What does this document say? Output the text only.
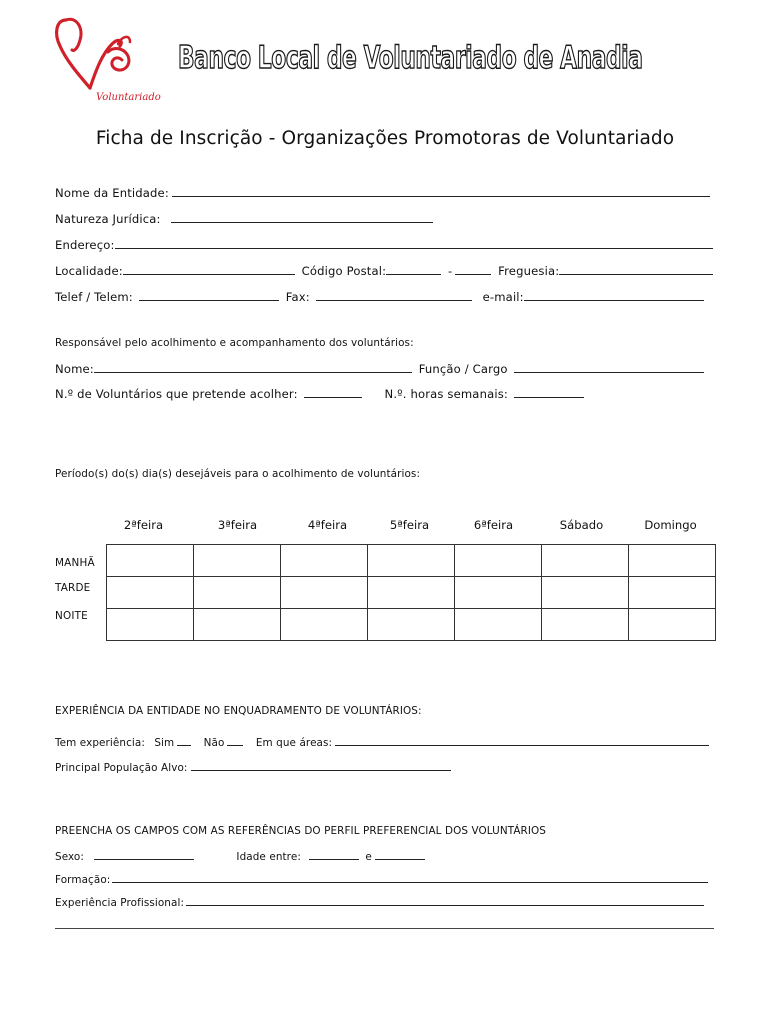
Voluntariado
Banco Local de Voluntariado de Anadia
Ficha de Inscrição - Organizações Promotoras de Voluntariado
Nome da Entidade:
Natureza Jurídica:
Endereço:
Localidade:	Código Postal:	-	Freguesia:
Telef / Telem:	Fax:	e-mail:
Responsável pelo acolhimento e acompanhamento dos voluntários:
Nome:	Função / Cargo
N.º de Voluntários que pretende acolher:	N.º. horas semanais:
Período(s) do(s) dia(s) desejáveis para o acolhimento de voluntários:
2ªfeira	3ªfeira	4ªfeira	5ªfeira	6ªfeira	Sábado	Domingo
MANHÃ
TARDE
NOITE

EXPERIÊNCIA DA ENTIDADE NO ENQUADRAMENTO DE VOLUNTÁRIOS:
Tem experiência: Sim	Não	Em que áreas:
Principal População Alvo:
PREENCHA OS CAMPOS COM AS REFERÊNCIAS DO PERFIL PREFERENCIAL DOS VOLUNTÁRIOS
Sexo:	Idade entre:	e
Formação:
Experiência Profissional:
